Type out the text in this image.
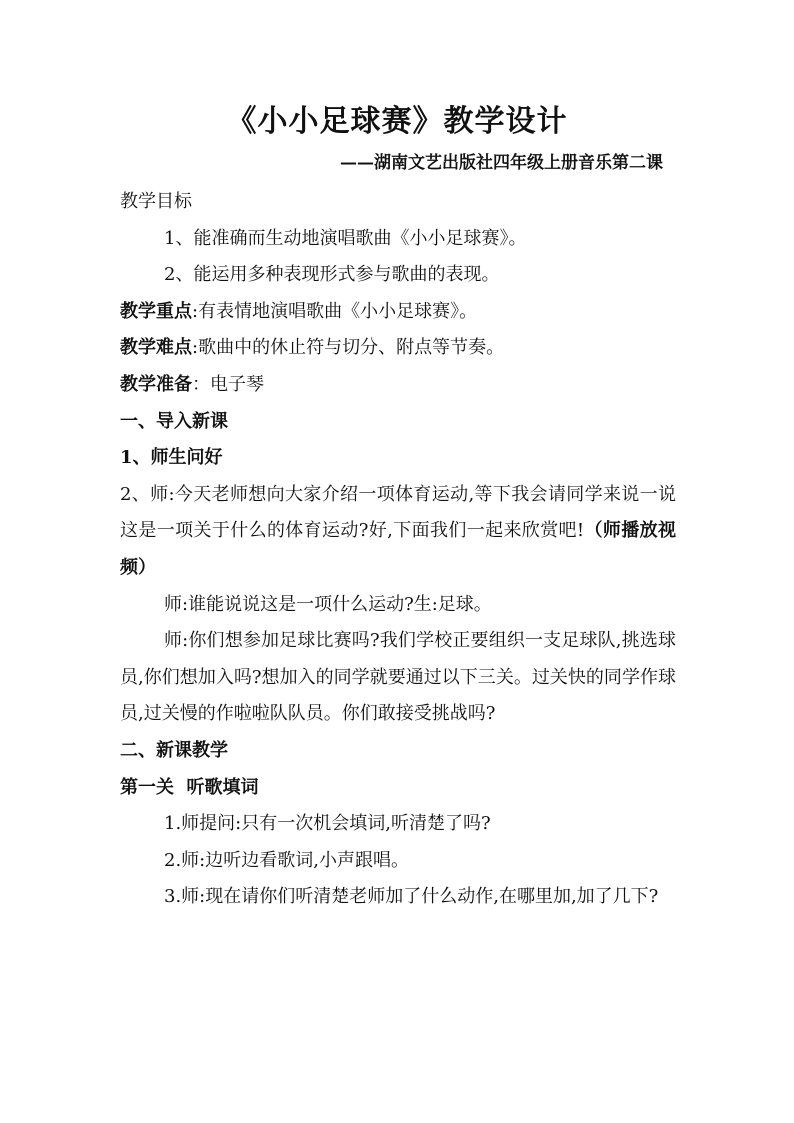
《小小足球赛》教学设计
——湖南文艺出版社四年级上册音乐第二课

教学目标

1、能准确而生动地演唱歌曲《小小足球赛》。

2、能运用多种表现形式参与歌曲的表现。

教学重点:有表情地演唱歌曲《小小足球赛》。

教学难点:歌曲中的休止符与切分、附点等节奏。

教学准备：电子琴

一、导入新课

1、师生问好

2、师:今天老师想向大家介绍一项体育运动,等下我会请同学来说一说这是一项关于什么的体育运动?好,下面我们一起来欣赏吧!（师播放视频）

师:谁能说说这是一项什么运动?生:足球。

师:你们想参加足球比赛吗?我们学校正要组织一支足球队,挑选球员,你们想加入吗?想加入的同学就要通过以下三关。过关快的同学作球员,过关慢的作啦啦队队员。你们敢接受挑战吗?

二、新课教学

第一关  听歌填词

1.师提问:只有一次机会填词,听清楚了吗?

2.师:边听边看歌词,小声跟唱。

3.师:现在请你们听清楚老师加了什么动作,在哪里加,加了几下?
